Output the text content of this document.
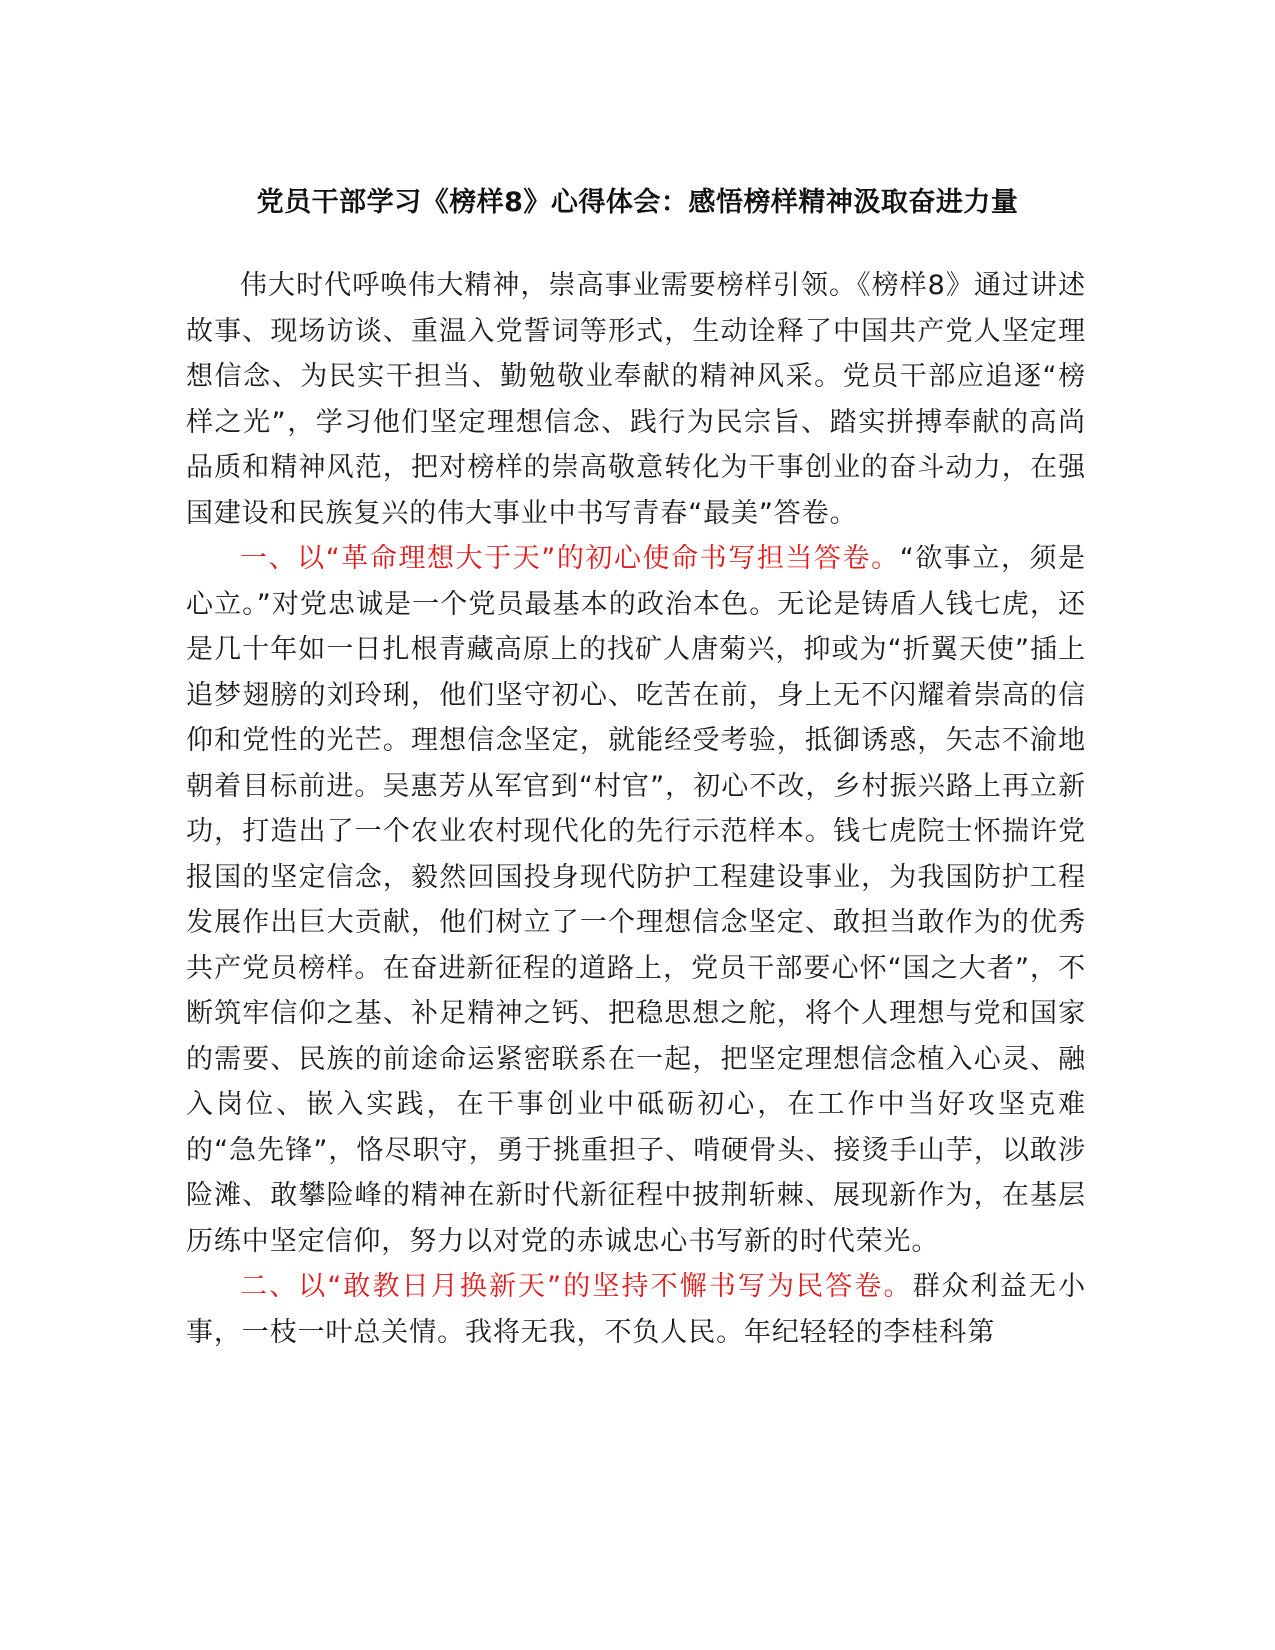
党员干部学习《榜样8》心得体会：感悟榜样精神汲取奋进力量

伟大时代呼唤伟大精神，崇高事业需要榜样引领。《榜样8》通过讲述故事、现场访谈、重温入党誓词等形式，生动诠释了中国共产党人坚定理想信念、为民实干担当、勤勉敬业奉献的精神风采。党员干部应追逐“榜样之光”，学习他们坚定理想信念、践行为民宗旨、踏实拼搏奉献的高尚品质和精神风范，把对榜样的崇高敬意转化为干事创业的奋斗动力，在强国建设和民族复兴的伟大事业中书写青春“最美”答卷。

一、以“革命理想大于天”的初心使命书写担当答卷。“欲事立，须是心立。”对党忠诚是一个党员最基本的政治本色。无论是铸盾人钱七虎，还是几十年如一日扎根青藏高原上的找矿人唐菊兴，抑或为“折翼天使”插上追梦翅膀的刘玲琍，他们坚守初心、吃苦在前，身上无不闪耀着崇高的信仰和党性的光芒。理想信念坚定，就能经受考验，抵御诱惑，矢志不渝地朝着目标前进。吴惠芳从军官到“村官”，初心不改，乡村振兴路上再立新功，打造出了一个农业农村现代化的先行示范样本。钱七虎院士怀揣许党报国的坚定信念，毅然回国投身现代防护工程建设事业，为我国防护工程发展作出巨大贡献，他们树立了一个理想信念坚定、敢担当敢作为的优秀共产党员榜样。在奋进新征程的道路上，党员干部要心怀“国之大者”，不断筑牢信仰之基、补足精神之钙、把稳思想之舵，将个人理想与党和国家的需要、民族的前途命运紧密联系在一起，把坚定理想信念植入心灵、融入岗位、嵌入实践，在干事创业中砥砺初心，在工作中当好攻坚克难的“急先锋”，恪尽职守，勇于挑重担子、啃硬骨头、接烫手山芋，以敢涉险滩、敢攀险峰的精神在新时代新征程中披荆斩棘、展现新作为，在基层历练中坚定信仰，努力以对党的赤诚忠心书写新的时代荣光。

二、以“敢教日月换新天”的坚持不懈书写为民答卷。群众利益无小事，一枝一叶总关情。我将无我，不负人民。年纪轻轻的李桂科第
